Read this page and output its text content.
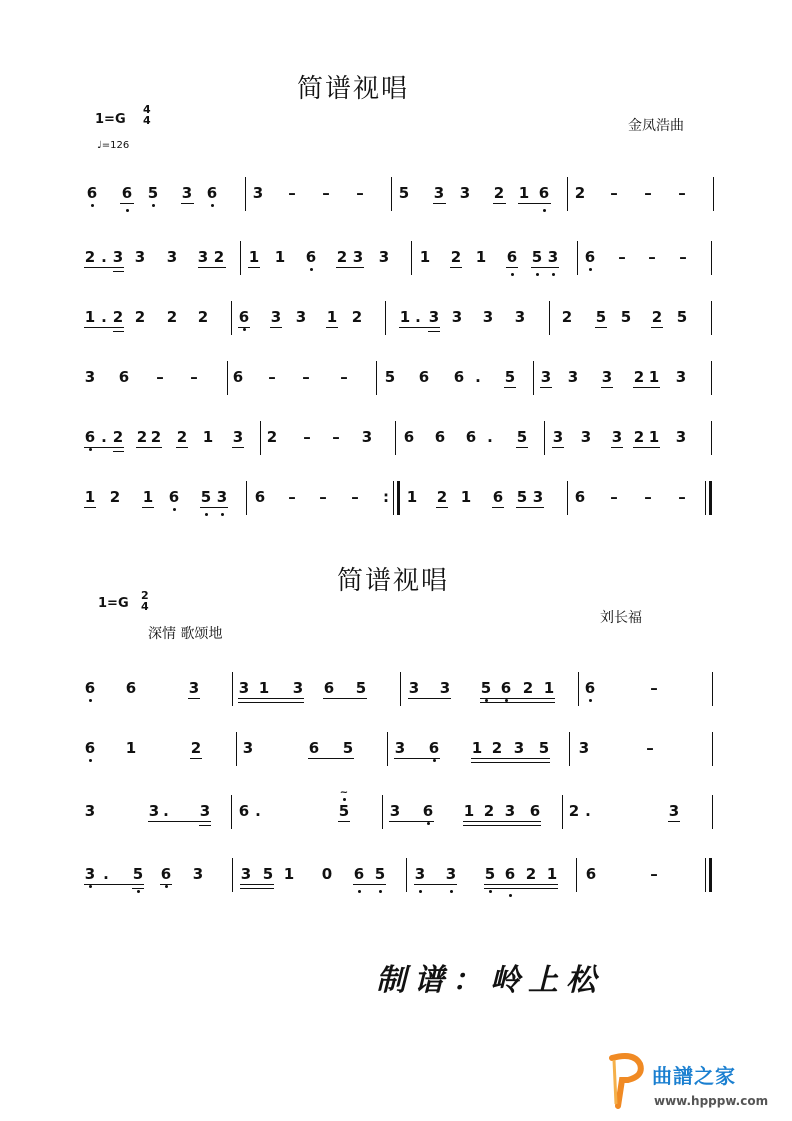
简谱视唱
1=G
4
4
♩=126
金凤浩曲
简谱视唱
1=G
2
4
深情 歌颂地
刘长福
制谱：岭上松
曲譜之家
www.hpppw.com
6 6 5 3 6 3 – – – 5 3 3 2 1 6 2 – – –
2 . 3 3 3 3 2 1 1 6 2 3 3 1 2 1 6 5 3 6 – – –
1 . 2 2 2 2 6 3 3 1 2	1 . 3 3 3 3 2 5 5 2 5
3 6 – – 6 – – – 5 6 6 . 5 3 3 3 2 1 3
6 . 2 2 2 2 1 3 2 – – 3 6 6 6 . 5 3 3 3 2 1 3
1 2 1 6 5 3 6 – – – : 1 2 1 6 5 3 6 – – –
6 6	3	3 1 3 6 5	3 3 5 6 2 1 6	–
6 1	2	3	6 5	3 6 1 2 3 5 3	–
3	3 . 3 6 .	5
~
3 6 1 2 3 6 2 .	3
3 . 5 6 3	3 5 1 0 6 5 3 3 5 6 2 1 6	–
